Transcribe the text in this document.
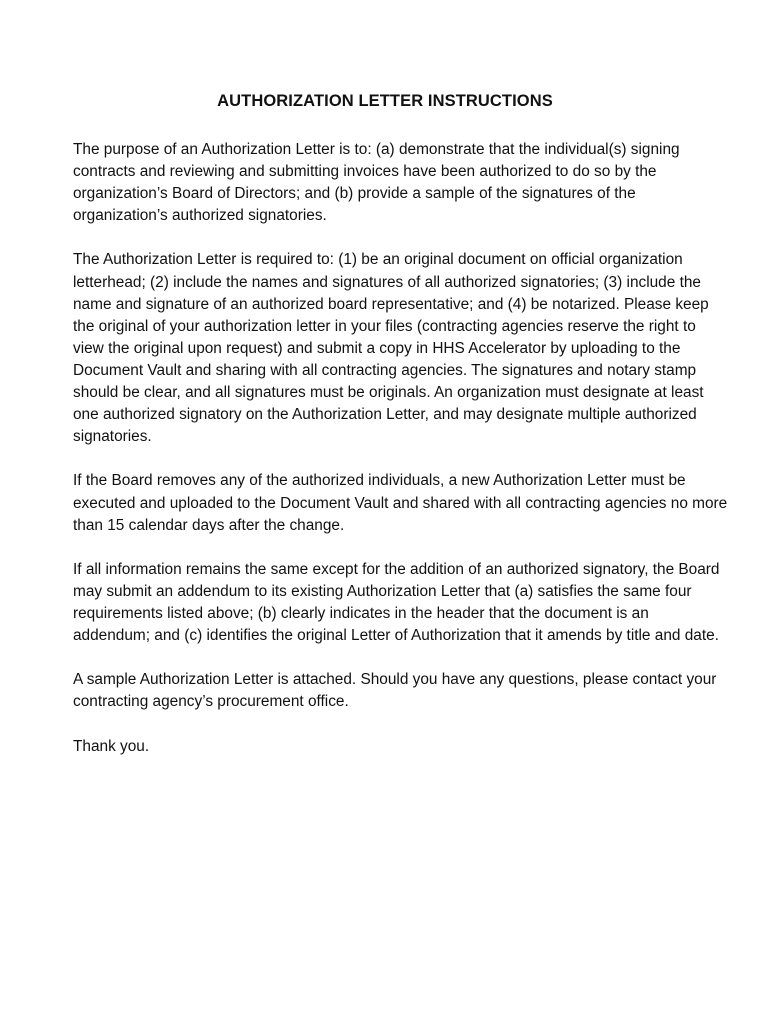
AUTHORIZATION LETTER INSTRUCTIONS

The purpose of an Authorization Letter is to: (a) demonstrate that the individual(s) signing contracts and reviewing and submitting invoices have been authorized to do so by the organization’s Board of Directors; and (b) provide a sample of the signatures of the organization’s authorized signatories.

The Authorization Letter is required to: (1) be an original document on official organization letterhead; (2) include the names and signatures of all authorized signatories; (3) include the name and signature of an authorized board representative; and (4) be notarized. Please keep the original of your authorization letter in your files (contracting agencies reserve the right to view the original upon request) and submit a copy in HHS Accelerator by uploading to the Document Vault and sharing with all contracting agencies. The signatures and notary stamp should be clear, and all signatures must be originals. An organization must designate at least one authorized signatory on the Authorization Letter, and may designate multiple authorized signatories.

If the Board removes any of the authorized individuals, a new Authorization Letter must be executed and uploaded to the Document Vault and shared with all contracting agencies no more than 15 calendar days after the change.

If all information remains the same except for the addition of an authorized signatory, the Board may submit an addendum to its existing Authorization Letter that (a) satisfies the same four requirements listed above; (b) clearly indicates in the header that the document is an addendum; and (c) identifies the original Letter of Authorization that it amends by title and date.

A sample Authorization Letter is attached. Should you have any questions, please contact your contracting agency’s procurement office.

Thank you.
